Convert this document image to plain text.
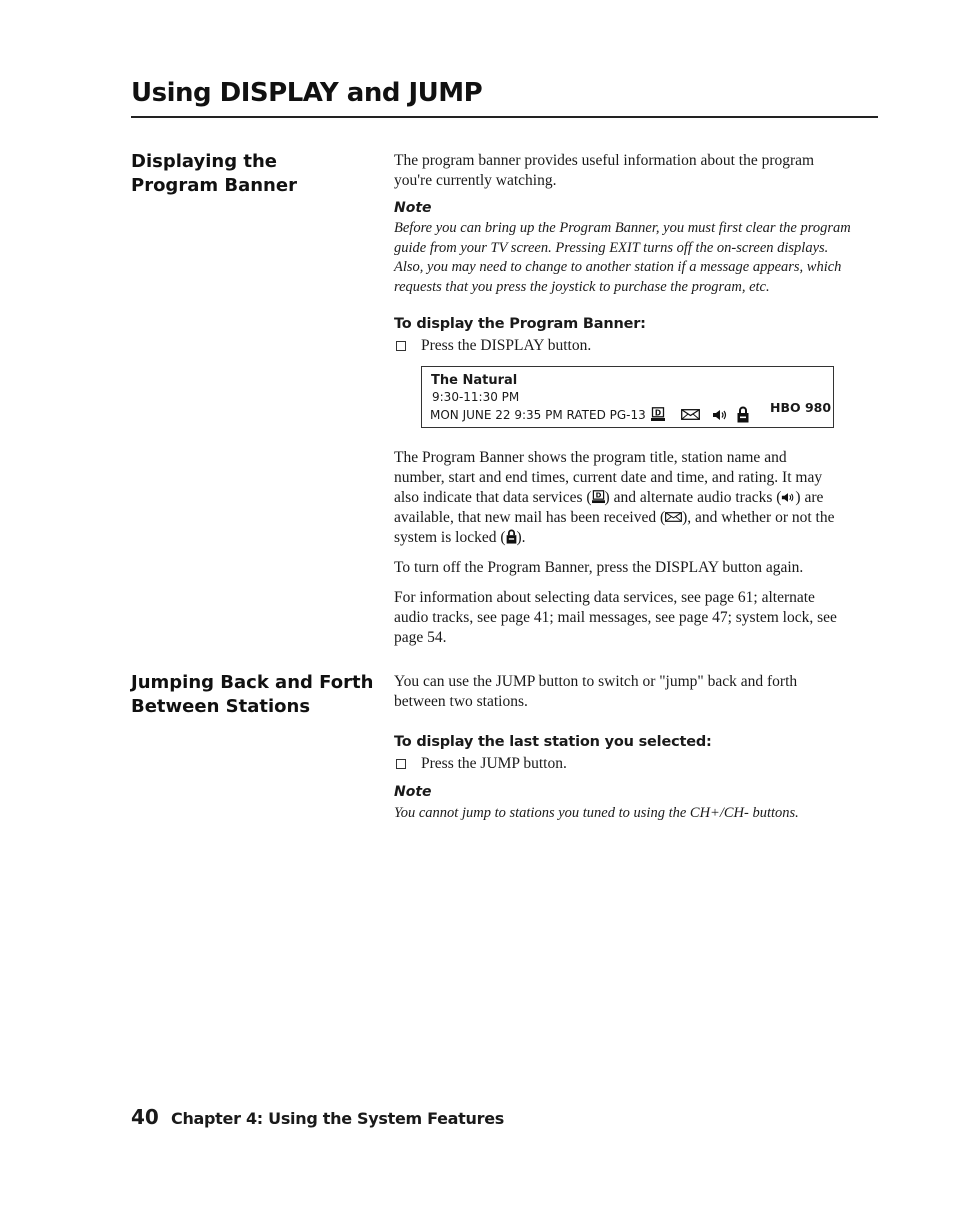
Using DISPLAY and JUMP
Displaying the
Program Banner

The program banner provides useful information about the program
you're currently watching.

Note

Before you can bring up the Program Banner, you must first clear the program
guide from your TV screen. Pressing EXIT turns off the on-screen displays.
Also, you may need to change to another station if a message appears, which
requests that you press the joystick to purchase the program, etc.

To display the Program Banner:

Press the DISPLAY button.
The Natural
9:30-11:30 PM
MON JUNE 22 9:35 PM RATED PG-13 D	HBO 980

The Program Banner shows the program title, station name and
number, start and end times, current date and time, and rating. It may
also indicate that data services ( D ) and alternate audio tracks ( ) are
available, that new mail has been received ( ), and whether or not the
system is locked ( ).

To turn off the Program Banner, press the DISPLAY button again.

For information about selecting data services, see page 61; alternate
audio tracks, see page 41; mail messages, see page 47; system lock, see
page 54.

Jumping Back and Forth
Between Stations

You can use the JUMP button to switch or "jump" back and forth
between two stations.

To display the last station you selected:

Press the JUMP button.

Note

You cannot jump to stations you tuned to using the CH+/CH- buttons.

40 Chapter 4: Using the System Features
